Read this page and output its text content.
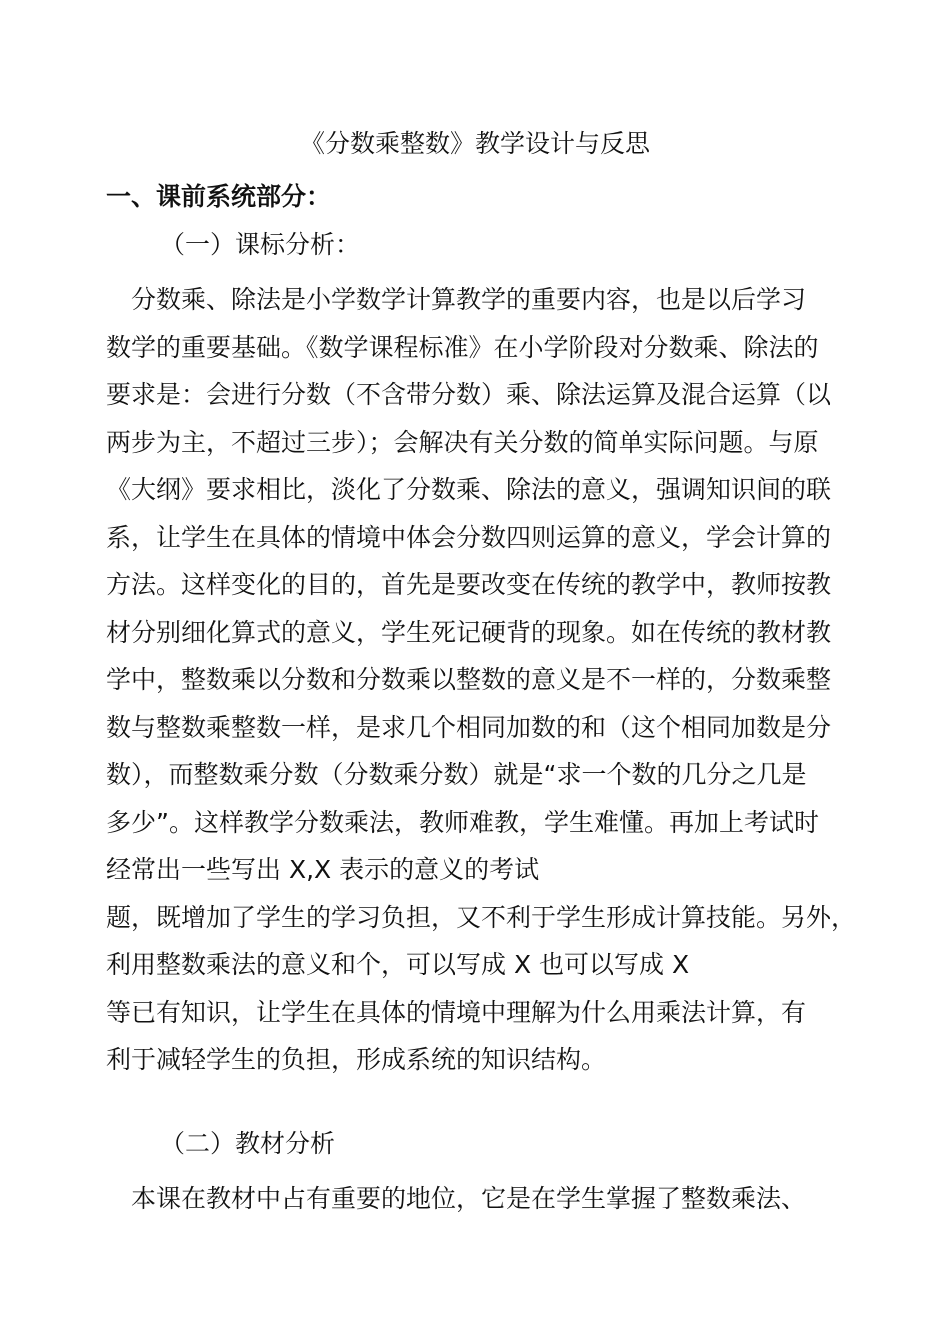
《分数乘整数》教学设计与反思
一、课前系统部分：
（一）课标分析：

　分数乘、除法是小学数学计算教学的重要内容，也是以后学习

数学的重要基础。《数学课程标准》在小学阶段对分数乘、除法的

要求是：会进行分数（不含带分数）乘、除法运算及混合运算（以

两步为主，不超过三步）；会解决有关分数的简单实际问题。与原

《大纲》要求相比，淡化了分数乘、除法的意义，强调知识间的联

系，让学生在具体的情境中体会分数四则运算的意义，学会计算的

方法。这样变化的目的，首先是要改变在传统的教学中，教师按教

材分别细化算式的意义，学生死记硬背的现象。如在传统的教材教

学中，整数乘以分数和分数乘以整数的意义是不一样的，分数乘整

数与整数乘整数一样，是求几个相同加数的和（这个相同加数是分

数），而整数乘分数（分数乘分数）就是“求一个数的几分之几是

多少”。这样教学分数乘法，教师难教，学生难懂。再加上考试时

经常出一些写出 X,X 表示的意义的考试

题，既增加了学生的学习负担，又不利于学生形成计算技能。另外，

利用整数乘法的意义和个，可以写成 X 也可以写成 X

等已有知识，让学生在具体的情境中理解为什么用乘法计算，有

利于减轻学生的负担，形成系统的知识结构。

（二）教材分析

　本课在教材中占有重要的地位，它是在学生掌握了整数乘法、
